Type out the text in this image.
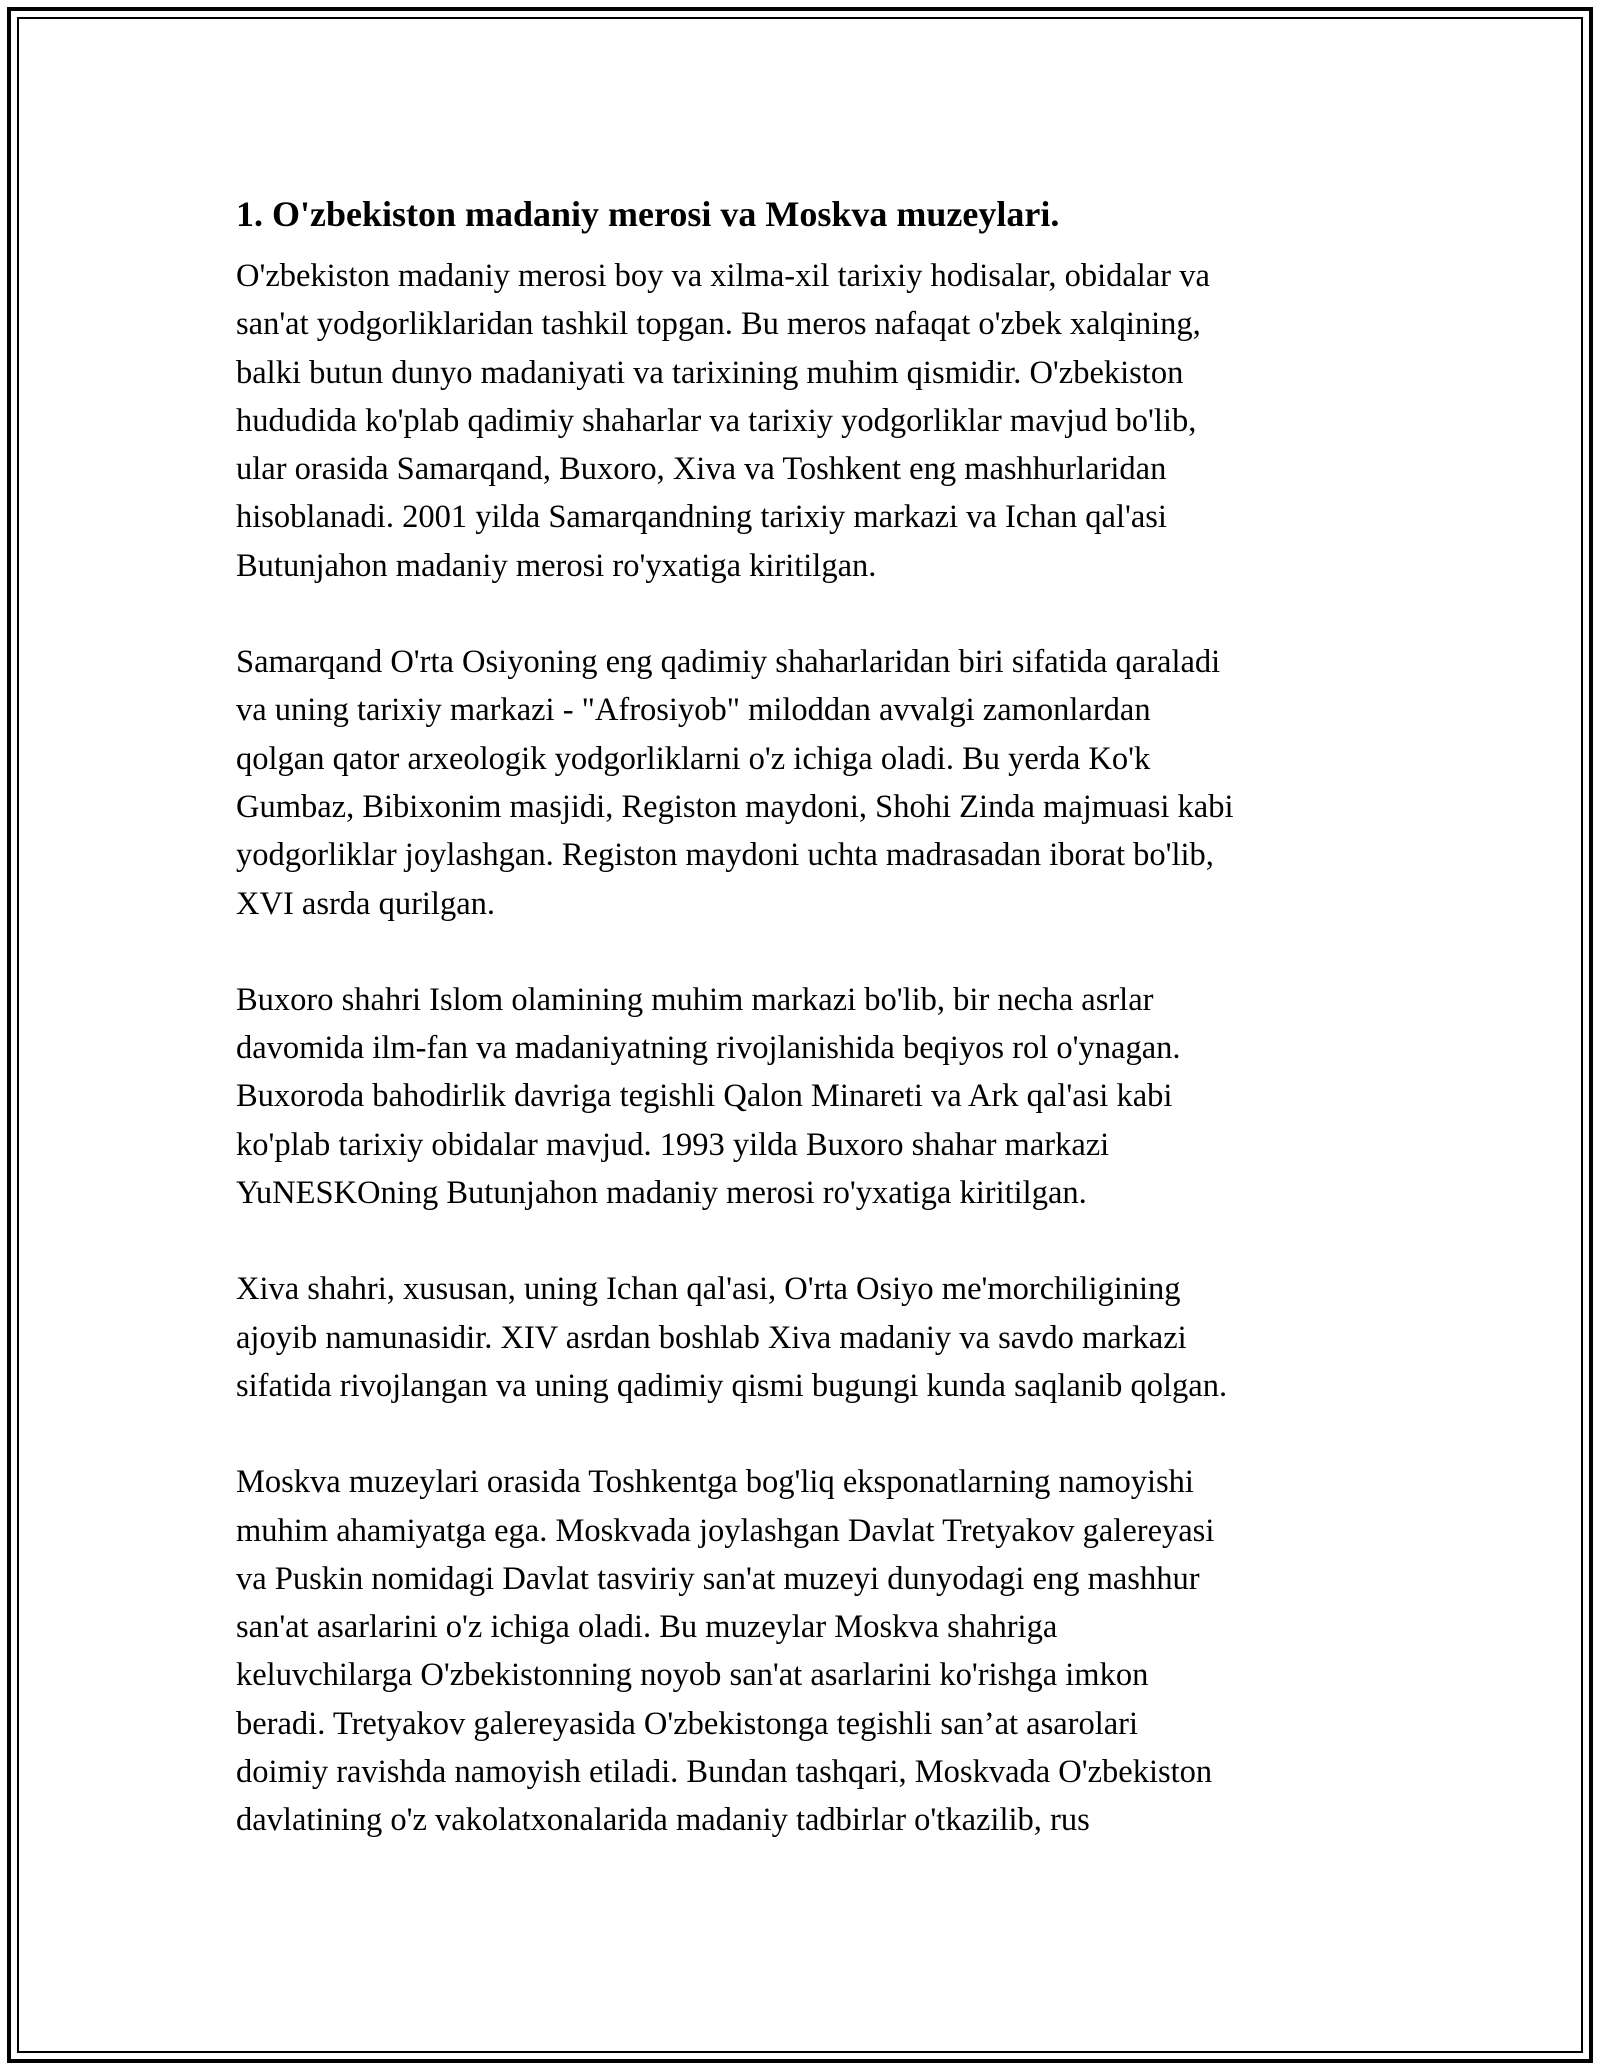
1. O'zbekiston madaniy merosi va Moskva muzeylari.
O'zbekiston madaniy merosi boy va xilma-xil tarixiy hodisalar, obidalar va
san'at yodgorliklaridan tashkil topgan. Bu meros nafaqat o'zbek xalqining,
balki butun dunyo madaniyati va tarixining muhim qismidir. O'zbekiston
hududida ko'plab qadimiy shaharlar va tarixiy yodgorliklar mavjud bo'lib,
ular orasida Samarqand, Buxoro, Xiva va Toshkent eng mashhurlaridan
hisoblanadi. 2001 yilda Samarqandning tarixiy markazi va Ichan qal'asi
Butunjahon madaniy merosi ro'yxatiga kiritilgan.
Samarqand O'rta Osiyoning eng qadimiy shaharlaridan biri sifatida qaraladi
va uning tarixiy markazi - "Afrosiyob" miloddan avvalgi zamonlardan
qolgan qator arxeologik yodgorliklarni o'z ichiga oladi. Bu yerda Ko'k
Gumbaz, Bibixonim masjidi, Registon maydoni, Shohi Zinda majmuasi kabi
yodgorliklar joylashgan. Registon maydoni uchta madrasadan iborat bo'lib,
XVI asrda qurilgan.
Buxoro shahri Islom olamining muhim markazi bo'lib, bir necha asrlar
davomida ilm-fan va madaniyatning rivojlanishida beqiyos rol o'ynagan.
Buxoroda bahodirlik davriga tegishli Qalon Minareti va Ark qal'asi kabi
ko'plab tarixiy obidalar mavjud. 1993 yilda Buxoro shahar markazi
YuNESKOning Butunjahon madaniy merosi ro'yxatiga kiritilgan.
Xiva shahri, xususan, uning Ichan qal'asi, O'rta Osiyo me'morchiligining
ajoyib namunasidir. XIV asrdan boshlab Xiva madaniy va savdo markazi
sifatida rivojlangan va uning qadimiy qismi bugungi kunda saqlanib qolgan.
Moskva muzeylari orasida Toshkentga bog'liq eksponatlarning namoyishi
muhim ahamiyatga ega. Moskvada joylashgan Davlat Tretyakov galereyasi
va Puskin nomidagi Davlat tasviriy san'at muzeyi dunyodagi eng mashhur
san'at asarlarini o'z ichiga oladi. Bu muzeylar Moskva shahriga
keluvchilarga O'zbekistonning noyob san'at asarlarini ko'rishga imkon
beradi. Tretyakov galereyasida O'zbekistonga tegishli san’at asarolari
doimiy ravishda namoyish etiladi. Bundan tashqari, Moskvada O'zbekiston
davlatining o'z vakolatxonalarida madaniy tadbirlar o'tkazilib, rus
